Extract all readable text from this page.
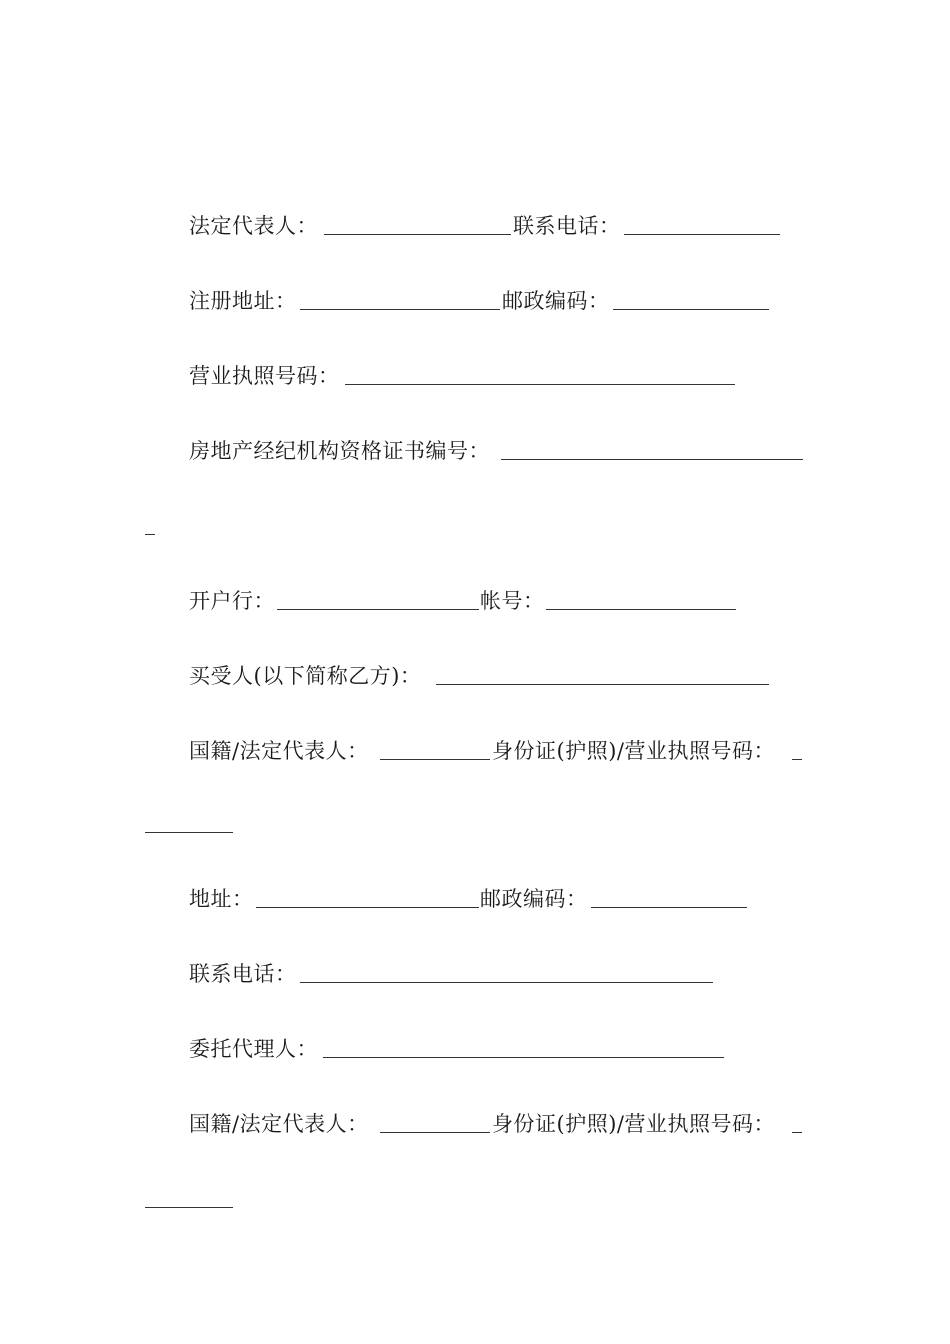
法定代表人：	联系电话：
注册地址：	邮政编码：
营业执照号码：
房地产经纪机构资格证书编号：
开户行：	帐号：
买受人(以下简称乙方)：
国籍/法定代表人：	身份证(护照)/营业执照号码：
地址：	邮政编码：
联系电话：
委托代理人：
国籍/法定代表人：	身份证(护照)/营业执照号码：
